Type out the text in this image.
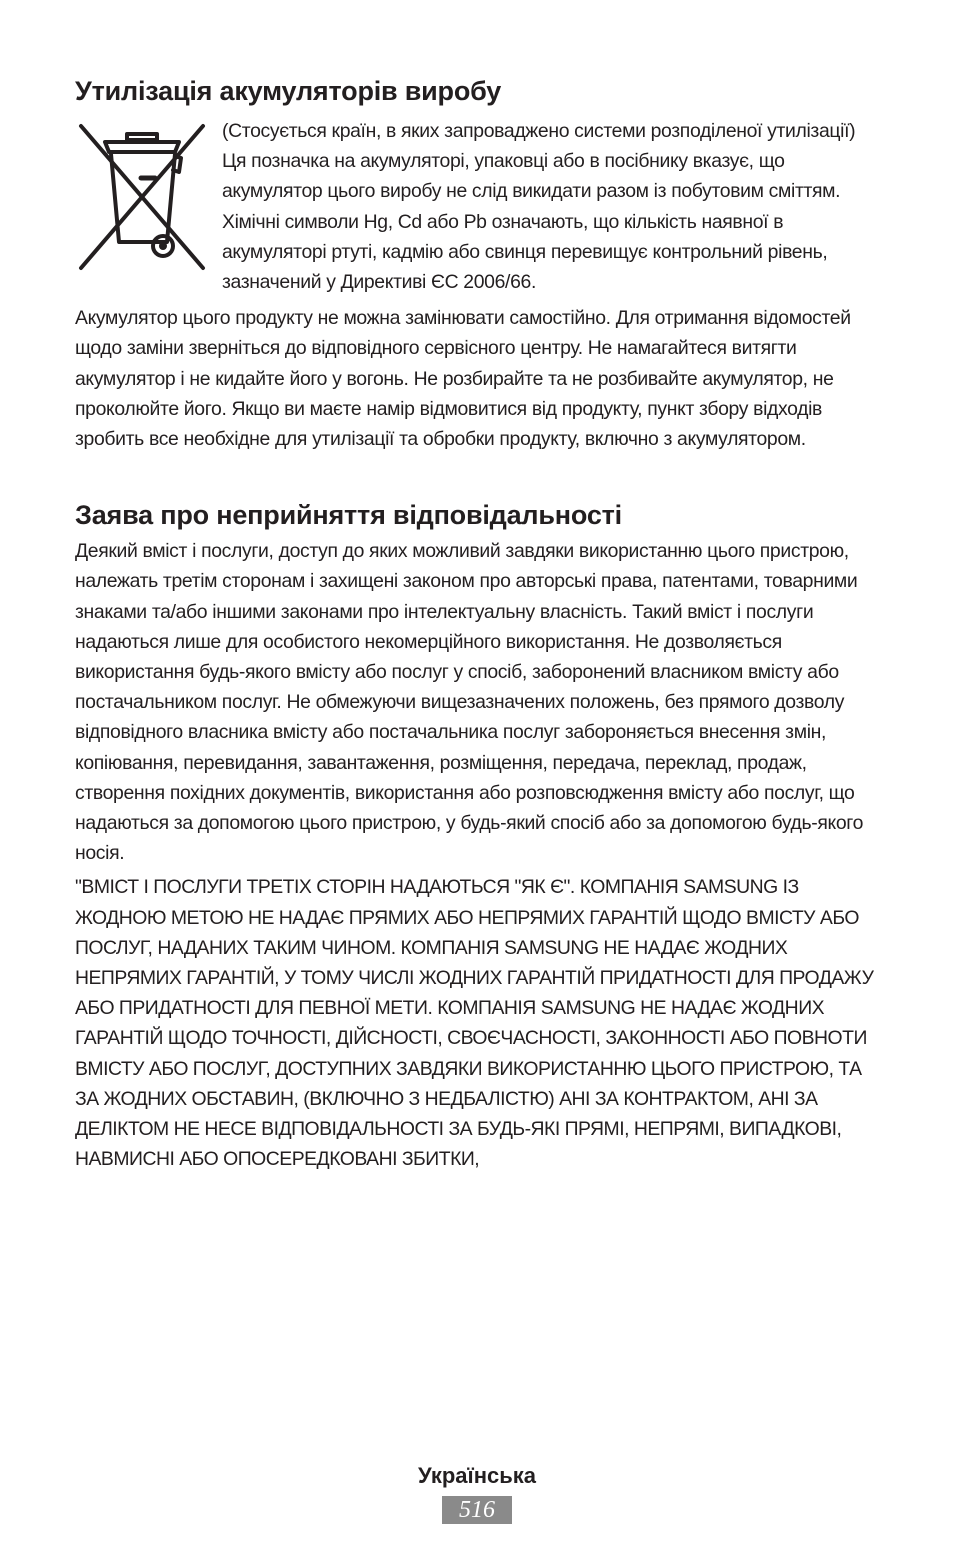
Утилізація акумуляторів виробу

(Стосується країн, в яких запроваджено системи розподіленої утилізації)

Ця позначка на акумуляторі, упаковці або в посібнику вказує, що акумулятор цього виробу не слід викидати разом із побутовим сміттям. Хімічні символи Hg, Cd або Pb означають, що кількість наявної в акумуляторі ртуті, кадмію або свинця перевищує контрольний рівень, зазначений у Директиві ЄС 2006/66.

Акумулятор цього продукту не можна замінювати самостійно. Для отримання відомостей щодо заміни зверніться до відповідного сервісного центру. Не намагайтеся витягти акумулятор і не кидайте його у вогонь. Не розбирайте та не розбивайте акумулятор, не проколюйте його. Якщо ви маєте намір відмовитися від продукту, пункт збору відходів зробить все необхідне для утилізації та обробки продукту, включно з акумулятором.

Заява про неприйняття відповідальності

Деякий вміст і послуги, доступ до яких можливий завдяки використанню цього пристрою, належать третім сторонам і захищені законом про авторські права, патентами, товарними знаками та/або іншими законами про інтелектуальну власність. Такий вміст і послуги надаються лише для особистого некомерційного використання. Не дозволяється використання будь-якого вмісту або послуг у спосіб, заборонений власником вмісту або постачальником послуг. Не обмежуючи вищезазначених положень, без прямого дозволу відповідного власника вмісту або постачальника послуг забороняється внесення змін, копіювання, перевидання, завантаження, розміщення, передача, переклад, продаж, створення похідних документів, використання або розповсюдження вмісту або послуг, що надаються за допомогою цього пристрою, у будь-який спосіб або за допомогою будь-якого носія.

"ВМІСТ І ПОСЛУГИ ТРЕТІХ СТОРІН НАДАЮТЬСЯ "ЯК Є". КОМПАНІЯ SAMSUNG ІЗ ЖОДНОЮ МЕТОЮ НЕ НАДАЄ ПРЯМИХ АБО НЕПРЯМИХ ГАРАНТІЙ ЩОДО ВМІСТУ АБО ПОСЛУГ, НАДАНИХ ТАКИМ ЧИНОМ. КОМПАНІЯ SAMSUNG НЕ НАДАЄ ЖОДНИХ НЕПРЯМИХ ГАРАНТІЙ, У ТОМУ ЧИСЛІ ЖОДНИХ ГАРАНТІЙ ПРИДАТНОСТІ ДЛЯ ПРОДАЖУ АБО ПРИДАТНОСТІ ДЛЯ ПЕВНОЇ МЕТИ. КОМПАНІЯ SAMSUNG НЕ НАДАЄ ЖОДНИХ ГАРАНТІЙ ЩОДО ТОЧНОСТІ, ДІЙСНОСТІ, СВОЄЧАСНОСТІ, ЗАКОННОСТІ АБО ПОВНОТИ ВМІСТУ АБО ПОСЛУГ, ДОСТУПНИХ ЗАВДЯКИ ВИКОРИСТАННЮ ЦЬОГО ПРИСТРОЮ, ТА ЗА ЖОДНИХ ОБСТАВИН, (ВКЛЮЧНО З НЕДБАЛІСТЮ) АНІ ЗА КОНТРАКТОМ, АНІ ЗА ДЕЛІКТОМ НЕ НЕСЕ ВІДПОВІДАЛЬНОСТІ ЗА БУДЬ-ЯКІ ПРЯМІ, НЕПРЯМІ, ВИПАДКОВІ, НАВМИСНІ АБО ОПОСЕРЕДКОВАНІ ЗБИТКИ,

Українська

516
